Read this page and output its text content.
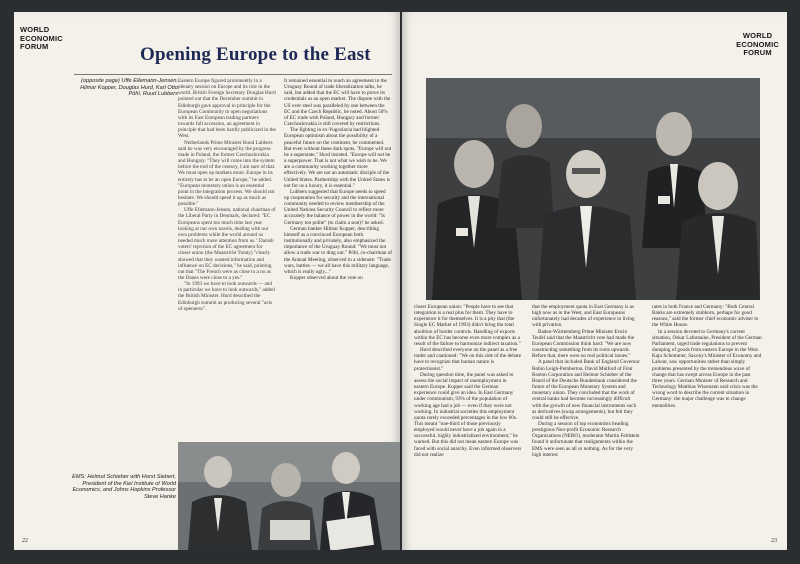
WORLD
ECONOMIC
FORUM	Opening Europe to the East
(opposite page) Uffe Ellemann-Jensen, Hilmar Kopper, Douglas Hurd, Karl Otto Pöhl, Ruud Lubbers

Eastern Europe figured prominently in a plenary session on Europe and its role in the world. British Foreign Secretary Douglas Hurd pointed out that the December summit in Edinburgh gave approval in principle for the European Community to open negotiations with its East European trading partners towards full accession, an agreement in principle that had been hardly publicized in the West.

Netherlands Prime Minister Ruud Lubbers said he was very encouraged by the progress made in Poland, the former Czechoslovakia and Hungary. "They will come into the system before the end of the century, I am sure of that. We must open up markets more. Europe in its entirety has to be an open Europe," he added. "European monetary union is an essential point in the integration process. We should not hesitate. We should speed it up as much as possible."

Uffe Ellemann-Jensen, national chairman of the Liberal Party in Denmark, declared: "EC Europeans spent too much time last year looking at our own navels, dealing with our own problems while the world around us needed much more attention from us." Danish voters' rejection of the EC agreement for closer union (the Maastricht Treaty) "clearly showed that they wanted information and influence on EC decisions," he said, pointing out that "The French were as close to a no as the Danes were close to a yes."

"In 1993 we have to look outwards — and in particular we have to look outwards," added the British Minister. Hurd described the Edinburgh summit as producing several "acts of openness".

It remained essential to reach an agreement in the Uruguay Round of trade liberalization talks, he said, but added that the EC will have to prove its credentials as an open market. The dispute with the US over steel was paralleled by one between the EC and the Czech Republic, he noted. About 50% of EC trade with Poland, Hungary and former Czechoslovakia is still covered by restrictions.

The fighting in ex-Yugoslavia had blighted European optimism about the possibility of a peaceful future on the continent, he commented. But even without these dark spots, "Europe will not be a superstate," Hurd insisted. "Europe will not be a superpower. That is not what we wish to be. We are a community working together more effectively. We are not an automatic disciple of the United States. Partnership with the United States is not for us a luxury, it is essential."

Lubbers suggested that Europe needs to speed up cooperation for security and the international community needed to review membership of the United Nations Security Council to reflect more accurately the balance of power in the world: "Is Germany too polite" (to claim a seat)? he asked.

German banker Hilmar Kopper, describing himself as a convinced European both institutionally and privately, also emphasized the importance of the Uruguay Round: "We must not allow a trade war to drag out." Pöhl, co-chairman of the Annual Meeting, observed in a sidenote: "Trade wars, battles — we all have this military language, which is really ugly..."

Kopper observed about the vote on

EMS: Helmut Schieber with Horst Siebert, President of the Kiel Institute of World Economics, and Johns Hopkins Professor Steve Hanke
22
WORLD
ECONOMIC
FORUM

closer European union: "People have to see that integration is a real plus for them. They have to experience it for themselves. It is a pity that (the Single EC Market of 1993) didn't bring the total abolition of border controls. Handling of exports within the EC has become even more complex as a result of the failure to harmonize indirect taxation."

Hurd described everyone on the panel as a free trader and cautioned: "We on this side of the debate have to recognize that human nature is protectionist."

During question time, the panel was asked to assess the social impact of unemployment in eastern Europe. Kopper said the German experience could give an idea. In East Germany under communism, 93% of the population of working age had a job — even if they were not working. In industrial societies this employment quota rarely exceeded percentages in the low 60s. This meant "one-third of those previously employed would never have a job again in a successful, highly industrialized environment," he warned. But this did not mean eastern Europe was faced with social anarchy. Even informed observers did not realize

that the employment quota in East Germany is as high now as in the West, and East Europeans unfortunately had decades of experience in living with privation.

Baden-Württemberg Prime Minister Erwin Teufel said that the Maastricht vote had made the European Commission think hard: "We are now constructing something from its roots upwards. Before that, there were no real political issues."

A panel that included Bank of England Governor Robin Leigh-Pemberton, David Mulford of First Boston Corporation and Helmut Schieber of the Board of the Deutsche Bundesbank considered the future of the European Monetary System and monetary union. They concluded that the work of central banks had become increasingly difficult with the growth of new financial instruments such as derivatives (swap arrangements), but felt they could still be effective.

During a session of top economists heading prestigious Non-profit Economic Research Organizations (NERO), moderator Martin Feldstein found it unfortunate that realignments within the EMS were seen as all or nothing. As for the very high interest

rates in both France and Germany: "Both Central Banks are extremely stubborn, perhaps for good reasons," said the former chief economic adviser to the White House.

In a session devoted to Germany's current situation, Oskar Lafontaine, President of the German Parliament, urged trade regulations to prevent dumping of goods from eastern Europe in the West. Kajo Schommer, Saxony's Minister of Economy and Labour, saw opportunities rather than simply problems presented by the tremendous wave of change that has swept across Europe in the past three years. German Minister of Research and Technology Matthias Wissmann said crisis was the wrong word to describe the current situation in Germany: the major challenge was to change mentalities.

23
